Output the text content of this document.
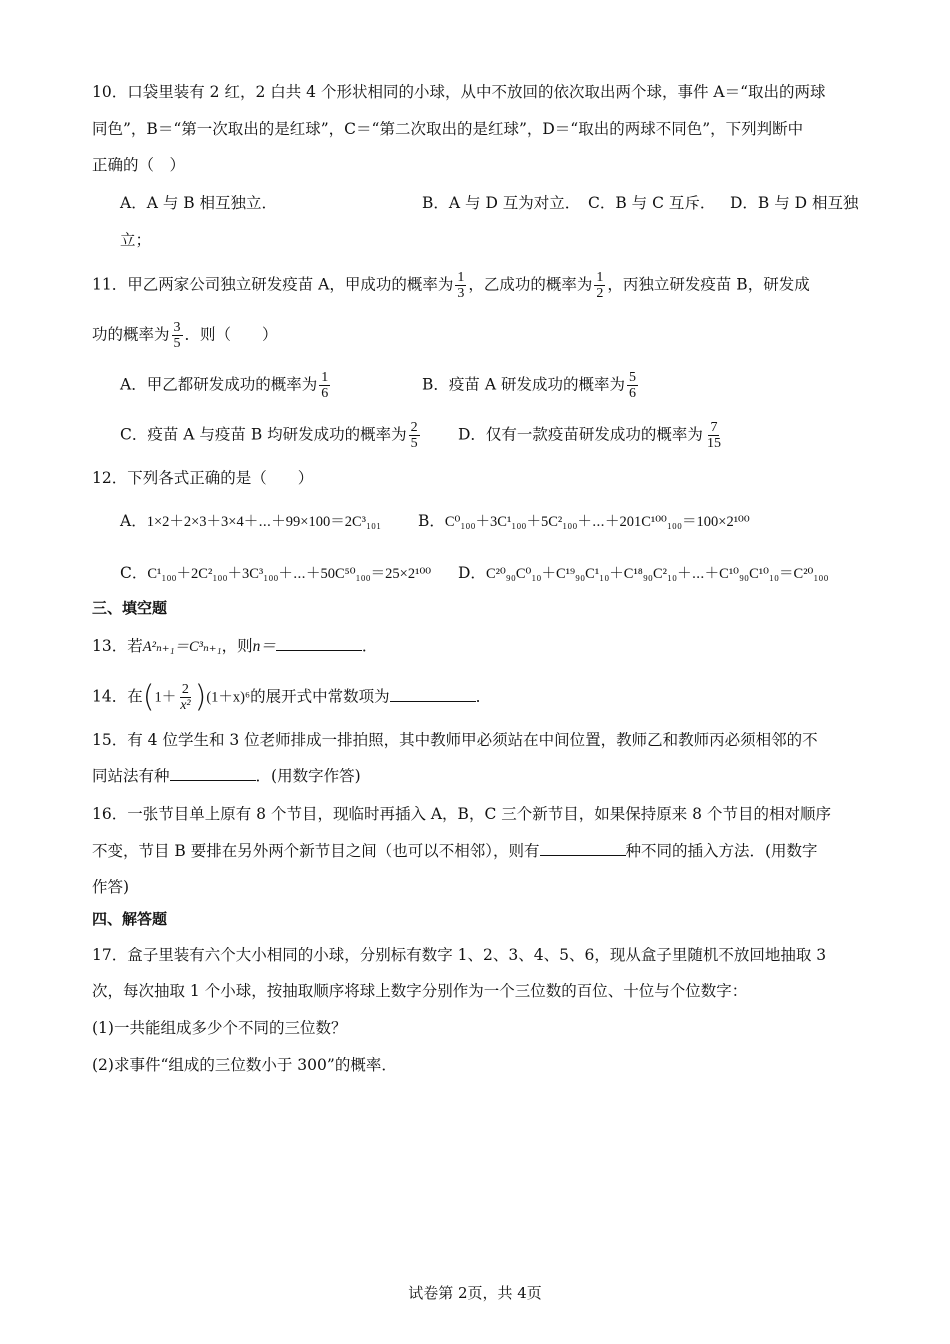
10．口袋里装有 2 红，2 白共 4 个形状相同的小球，从中不放回的依次取出两个球，事件 A＝“取出的两球
同色”，B＝“第一次取出的是红球”，C＝“第二次取出的是红球”，D＝“取出的两球不同色”，下列判断中
正确的（　）
A．A 与 B 相互独立．	B．A 与 D 互为对立． C．B 与 C 互斥． D．B 与 D 相互独
立；
11．甲乙两家公司独立研发疫苗 A，甲成功的概率为 $\frac{1}{3}$ ，乙成功的概率为 $\frac{1}{2}$ ，丙独立研发疫苗 B，研发成
功的概率为 $\frac{3}{5}$ ．则（　　）
A．甲乙都研发成功的概率为 $\frac{1}{6}$	B．疫苗 A 研发成功的概率为 $\frac{5}{6}$
C．疫苗 A 与疫苗 B 均研发成功的概率为 $\frac{2}{5}$ D．仅有一款疫苗研发成功的概率为 $\frac{7}{15}$
12．下列各式正确的是（　　）
A．1×2＋2×3＋3×4＋⋯＋99×100＝2C³₁₀₁ B．C⁰₁₀₀＋3C¹₁₀₀＋5C²₁₀₀＋⋯＋201C¹⁰⁰₁₀₀＝100×2¹⁰⁰
C．C¹₁₀₀＋2C²₁₀₀＋3C³₁₀₀＋⋯＋50C⁵⁰₁₀₀＝25×2¹⁰⁰ D．C²⁰₉₀C⁰₁₀＋C¹⁹₉₀C¹₁₀＋C¹⁸₉₀C²₁₀＋⋯＋C¹⁰₉₀C¹⁰₁₀＝C²⁰₁₀₀
三、填空题
13．若A²ₙ₊₁＝C³ₙ₊₁，则n＝	．
14．在$(1+ \frac{2}{\text{x²}} )(1+x)^6$的展开式中常数项为	．
15．有 4 位学生和 3 位老师排成一排拍照，其中教师甲必须站在中间位置，教师乙和教师丙必须相邻的不
同站法有种	．(用数字作答)
16．一张节目单上原有 8 个节目，现临时再插入 A，B，C 三个新节目，如果保持原来 8 个节目的相对顺序
不变，节目 B 要排在另外两个新节目之间（也可以不相邻），则有	种不同的插入方法．(用数字
作答)
四、解答题
17．盒子里装有六个大小相同的小球，分别标有数字 1、2、3、4、5、6，现从盒子里随机不放回地抽取 3
次，每次抽取 1 个小球，按抽取顺序将球上数字分别作为一个三位数的百位、十位与个位数字：
(1)一共能组成多少个不同的三位数？
(2)求事件“组成的三位数小于 300”的概率．
试卷第 2页，共 4页
